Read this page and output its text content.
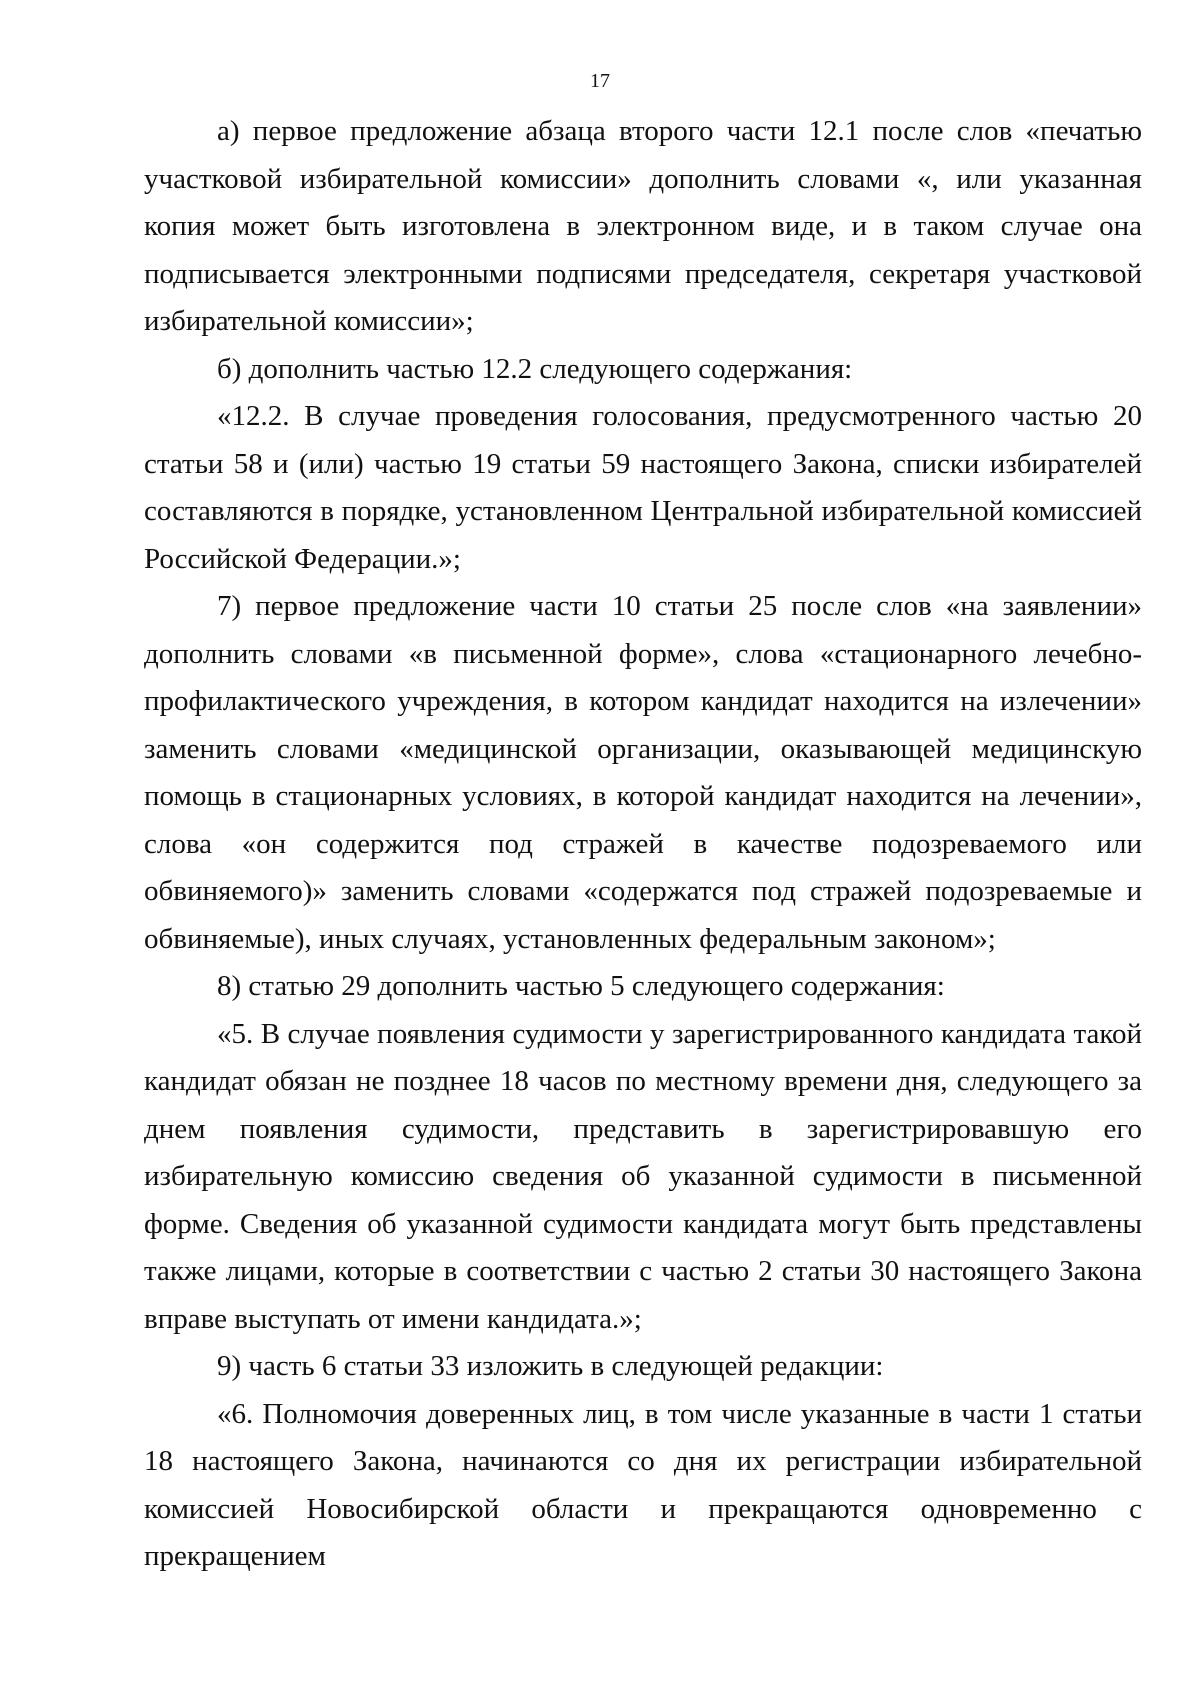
17

а) первое предложение абзаца второго части 12.1 после слов «печатью участковой избирательной комиссии» дополнить словами «, или указанная копия может быть изготовлена в электронном виде, и в таком случае она подписывается электронными подписями председателя, секретаря участковой избирательной комиссии»;

б) дополнить частью 12.2 следующего содержания:

«12.2. В случае проведения голосования, предусмотренного частью 20 статьи 58 и (или) частью 19 статьи 59 настоящего Закона, списки избирателей составляются в порядке, установленном Центральной избирательной комиссией Российской Федерации.»;

7) первое предложение части 10 статьи 25 после слов «на заявлении» дополнить словами «в письменной форме», слова «стационарного лечебно-профилактического учреждения, в котором кандидат находится на излечении» заменить словами «медицинской организации, оказывающей медицинскую помощь в стационарных условиях, в которой кандидат находится на лечении», слова «он содержится под стражей в качестве подозреваемого или обвиняемого)» заменить словами «содержатся под стражей подозреваемые и обвиняемые), иных случаях, установленных федеральным законом»;

8) статью 29 дополнить частью 5 следующего содержания:

«5. В случае появления судимости у зарегистрированного кандидата такой кандидат обязан не позднее 18 часов по местному времени дня, следующего за днем появления судимости, представить в зарегистрировавшую его избирательную комиссию сведения об указанной судимости в письменной форме. Сведения об указанной судимости кандидата могут быть представлены также лицами, которые в соответствии с частью 2 статьи 30 настоящего Закона вправе выступать от имени кандидата.»;

9) часть 6 статьи 33 изложить в следующей редакции:

«6. Полномочия доверенных лиц, в том числе указанные в части 1 статьи 18 настоящего Закона, начинаются со дня их регистрации избирательной комиссией Новосибирской области и прекращаются одновременно с прекращением
